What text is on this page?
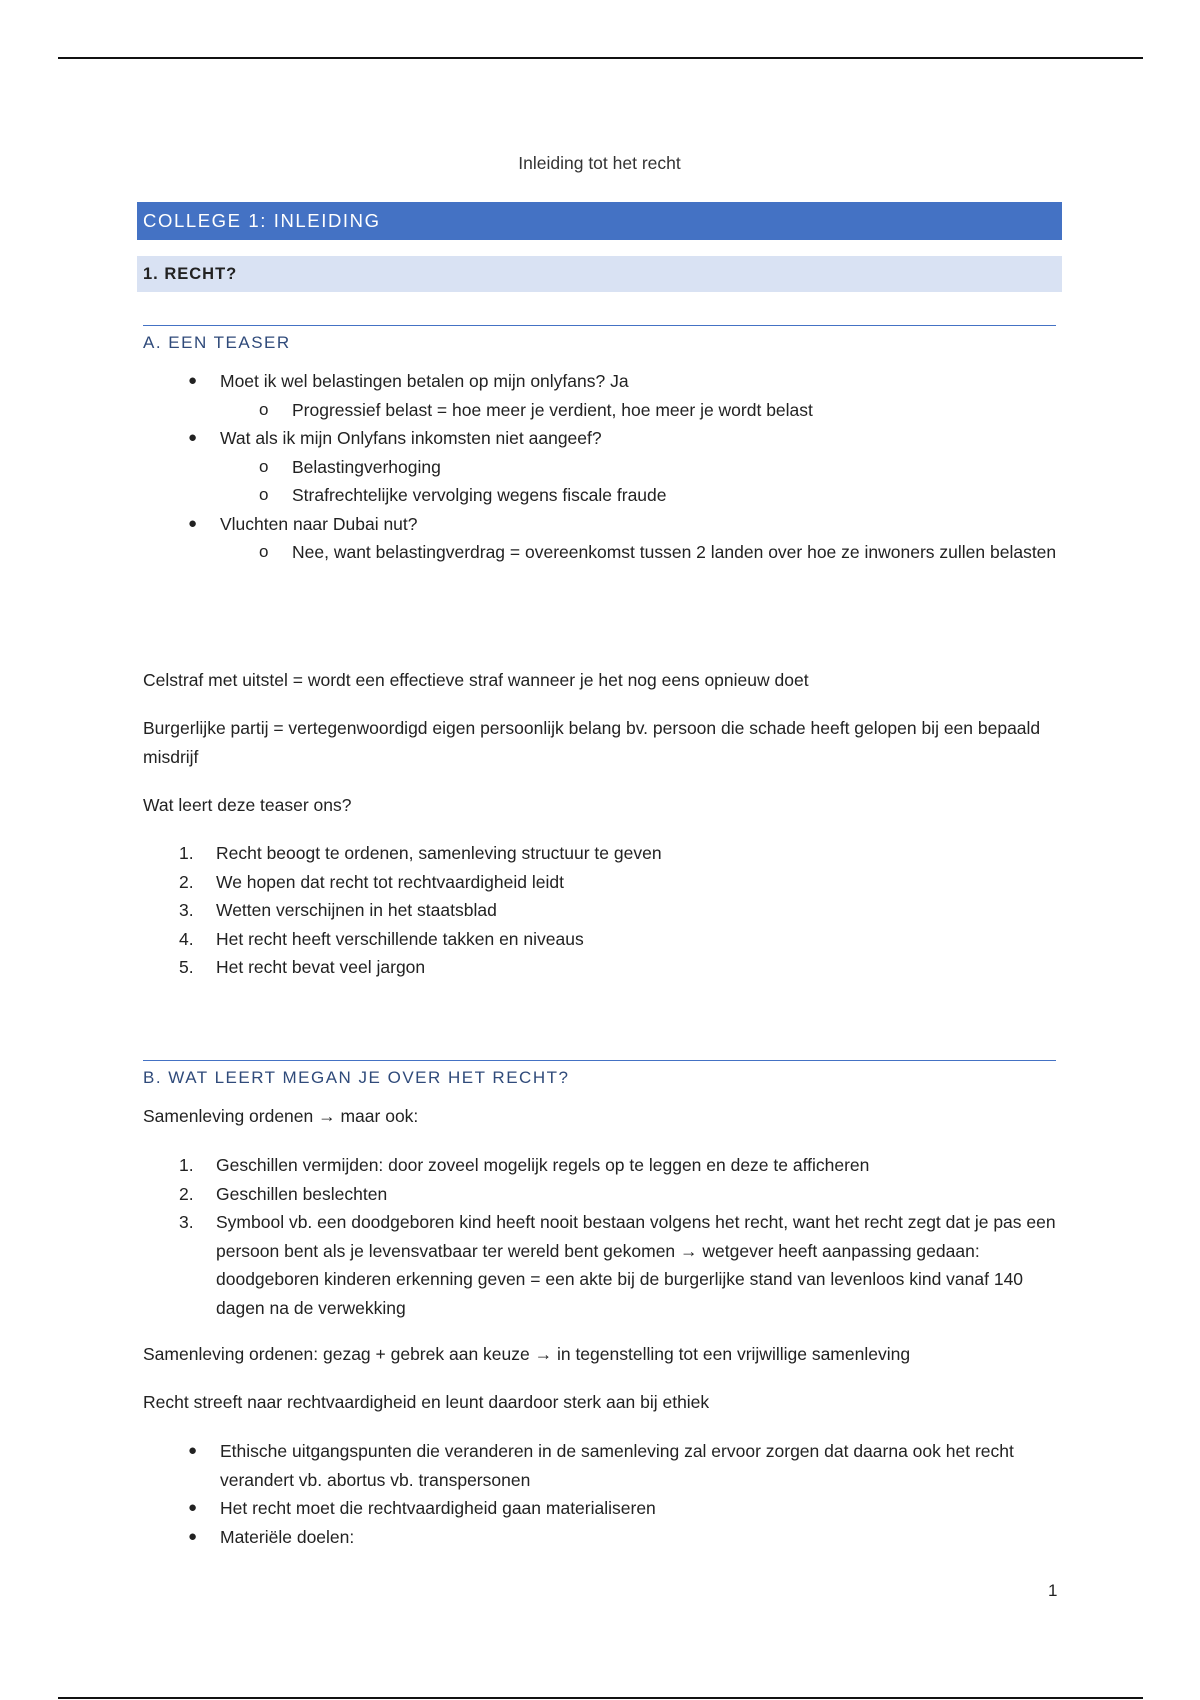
Inleiding tot het recht
COLLEGE 1: INLEIDING
1. RECHT?
A. EEN TEASER
● Moet ik wel belastingen betalen op mijn onlyfans? Ja
o Progressief belast = hoe meer je verdient, hoe meer je wordt belast
● Wat als ik mijn Onlyfans inkomsten niet aangeef?
o Belastingverhoging
o Strafrechtelijke vervolging wegens fiscale fraude
● Vluchten naar Dubai nut?
o Nee, want belastingverdrag = overeenkomst tussen 2 landen over hoe ze inwoners zullen belasten

Celstraf met uitstel = wordt een effectieve straf wanneer je het nog eens opnieuw doet

Burgerlijke partij = vertegenwoordigd eigen persoonlijk belang bv. persoon die schade heeft gelopen bij een bepaald misdrijf

Wat leert deze teaser ons?

1. Recht beoogt te ordenen, samenleving structuur te geven
2. We hopen dat recht tot rechtvaardigheid leidt
3. Wetten verschijnen in het staatsblad
4. Het recht heeft verschillende takken en niveaus
5. Het recht bevat veel jargon
B. WAT LEERT MEGAN JE OVER HET RECHT?

Samenleving ordenen → maar ook:

1. Geschillen vermijden: door zoveel mogelijk regels op te leggen en deze te afficheren
2. Geschillen beslechten
3. Symbool vb. een doodgeboren kind heeft nooit bestaan volgens het recht, want het recht zegt dat je pas een persoon bent als je levensvatbaar ter wereld bent gekomen → wetgever heeft aanpassing gedaan: doodgeboren kinderen erkenning geven = een akte bij de burgerlijke stand van levenloos kind vanaf 140 dagen na de verwekking

Samenleving ordenen: gezag + gebrek aan keuze → in tegenstelling tot een vrijwillige samenleving

Recht streeft naar rechtvaardigheid en leunt daardoor sterk aan bij ethiek

● Ethische uitgangspunten die veranderen in de samenleving zal ervoor zorgen dat daarna ook het recht verandert vb. abortus vb. transpersonen
● Het recht moet die rechtvaardigheid gaan materialiseren
● Materiële doelen:
1
